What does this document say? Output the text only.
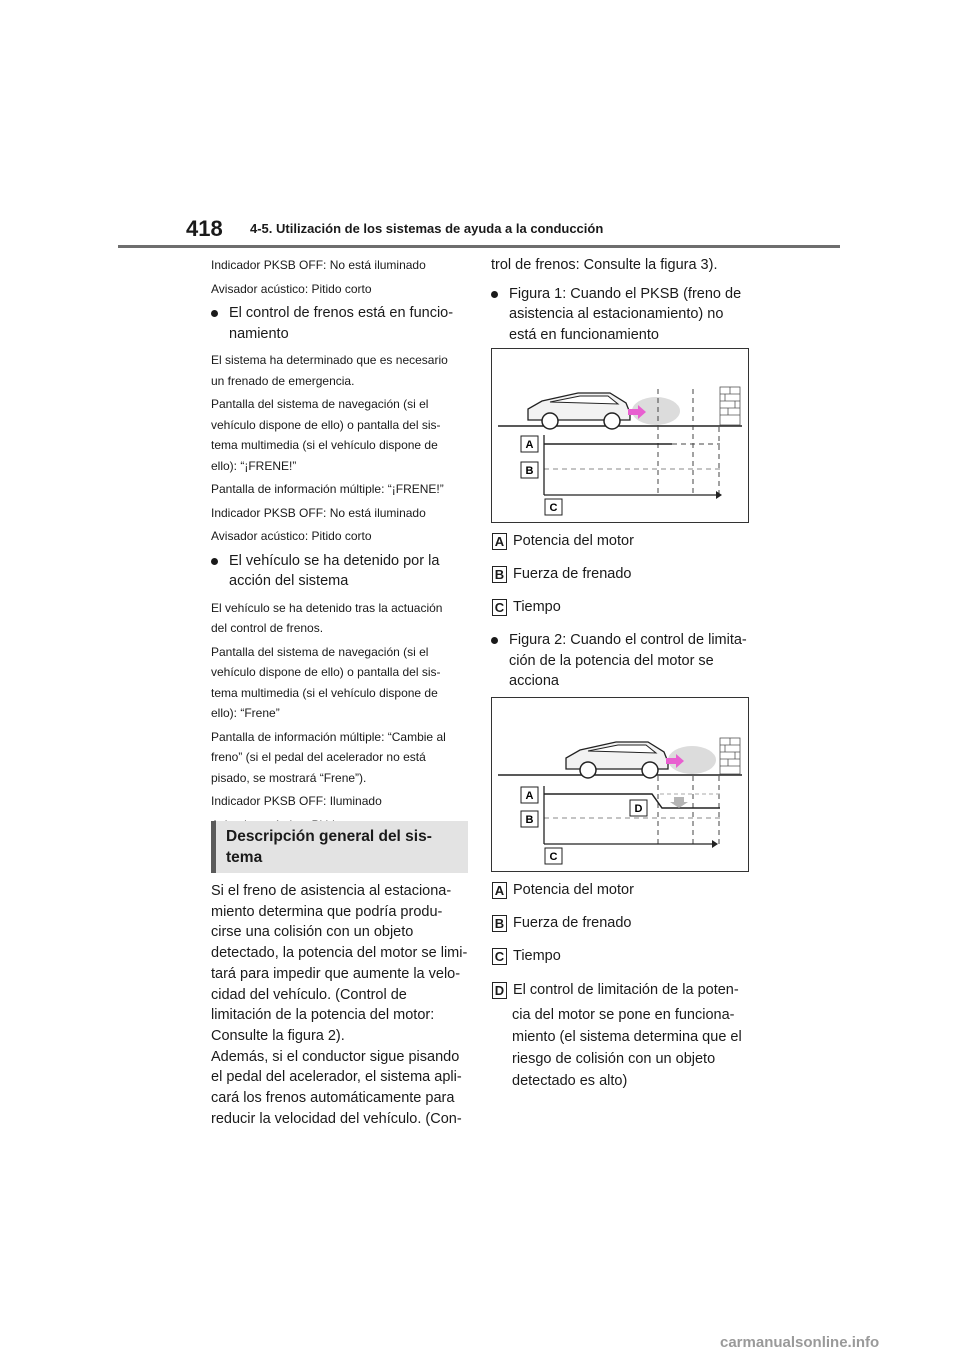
418 4-5. Utilización de los sistemas de ayuda a la conducción

Indicador PKSB OFF: No está iluminado

Avisador acústico: Pitido corto

El control de frenos está en funcio-
namiento

El sistema ha determinado que es necesario
un frenado de emergencia.

Pantalla del sistema de navegación (si el
vehículo dispone de ello) o pantalla del sis-
tema multimedia (si el vehículo dispone de
ello): “¡FRENE!”

Pantalla de información múltiple: “¡FRENE!”

Indicador PKSB OFF: No está iluminado

Avisador acústico: Pitido corto

El vehículo se ha detenido por la
acción del sistema

El vehículo se ha detenido tras la actuación
del control de frenos.

Pantalla del sistema de navegación (si el
vehículo dispone de ello) o pantalla del sis-
tema multimedia (si el vehículo dispone de
ello): “Frene”

Pantalla de información múltiple: “Cambie al
freno” (si el pedal del acelerador no está
pisado, se mostrará “Frene”).

Indicador PKSB OFF: Iluminado

Descripción general del sis-
tema

Si el freno de asistencia al estaciona-

miento determina que podría produ-

cirse una colisión con un objeto

detectado, la potencia del motor se limi-

tará para impedir que aumente la velo-

cidad del vehículo. (Control de

limitación de la potencia del motor:

Consulte la figura 2).

Además, si el conductor sigue pisando

el pedal del acelerador, el sistema apli-

cará los frenos automáticamente para

reducir la velocidad del vehículo. (Con-

trol de frenos: Consulte la figura 3).

Figura 1: Cuando el PKSB (freno de
asistencia al estacionamiento) no
está en funcionamiento
A
B
C
A Potencia del motor
B Fuerza de frenado
C Tiempo
Figura 2: Cuando el control de limita-
ción de la potencia del motor se
acciona
A
B
C
D
A Potencia del motor
B Fuerza de frenado
C Tiempo
D El control de limitación de la poten-
cia del motor se pone en funciona-
miento (el sistema determina que el
riesgo de colisión con un objeto
detectado es alto)
carmanualsonline.info
